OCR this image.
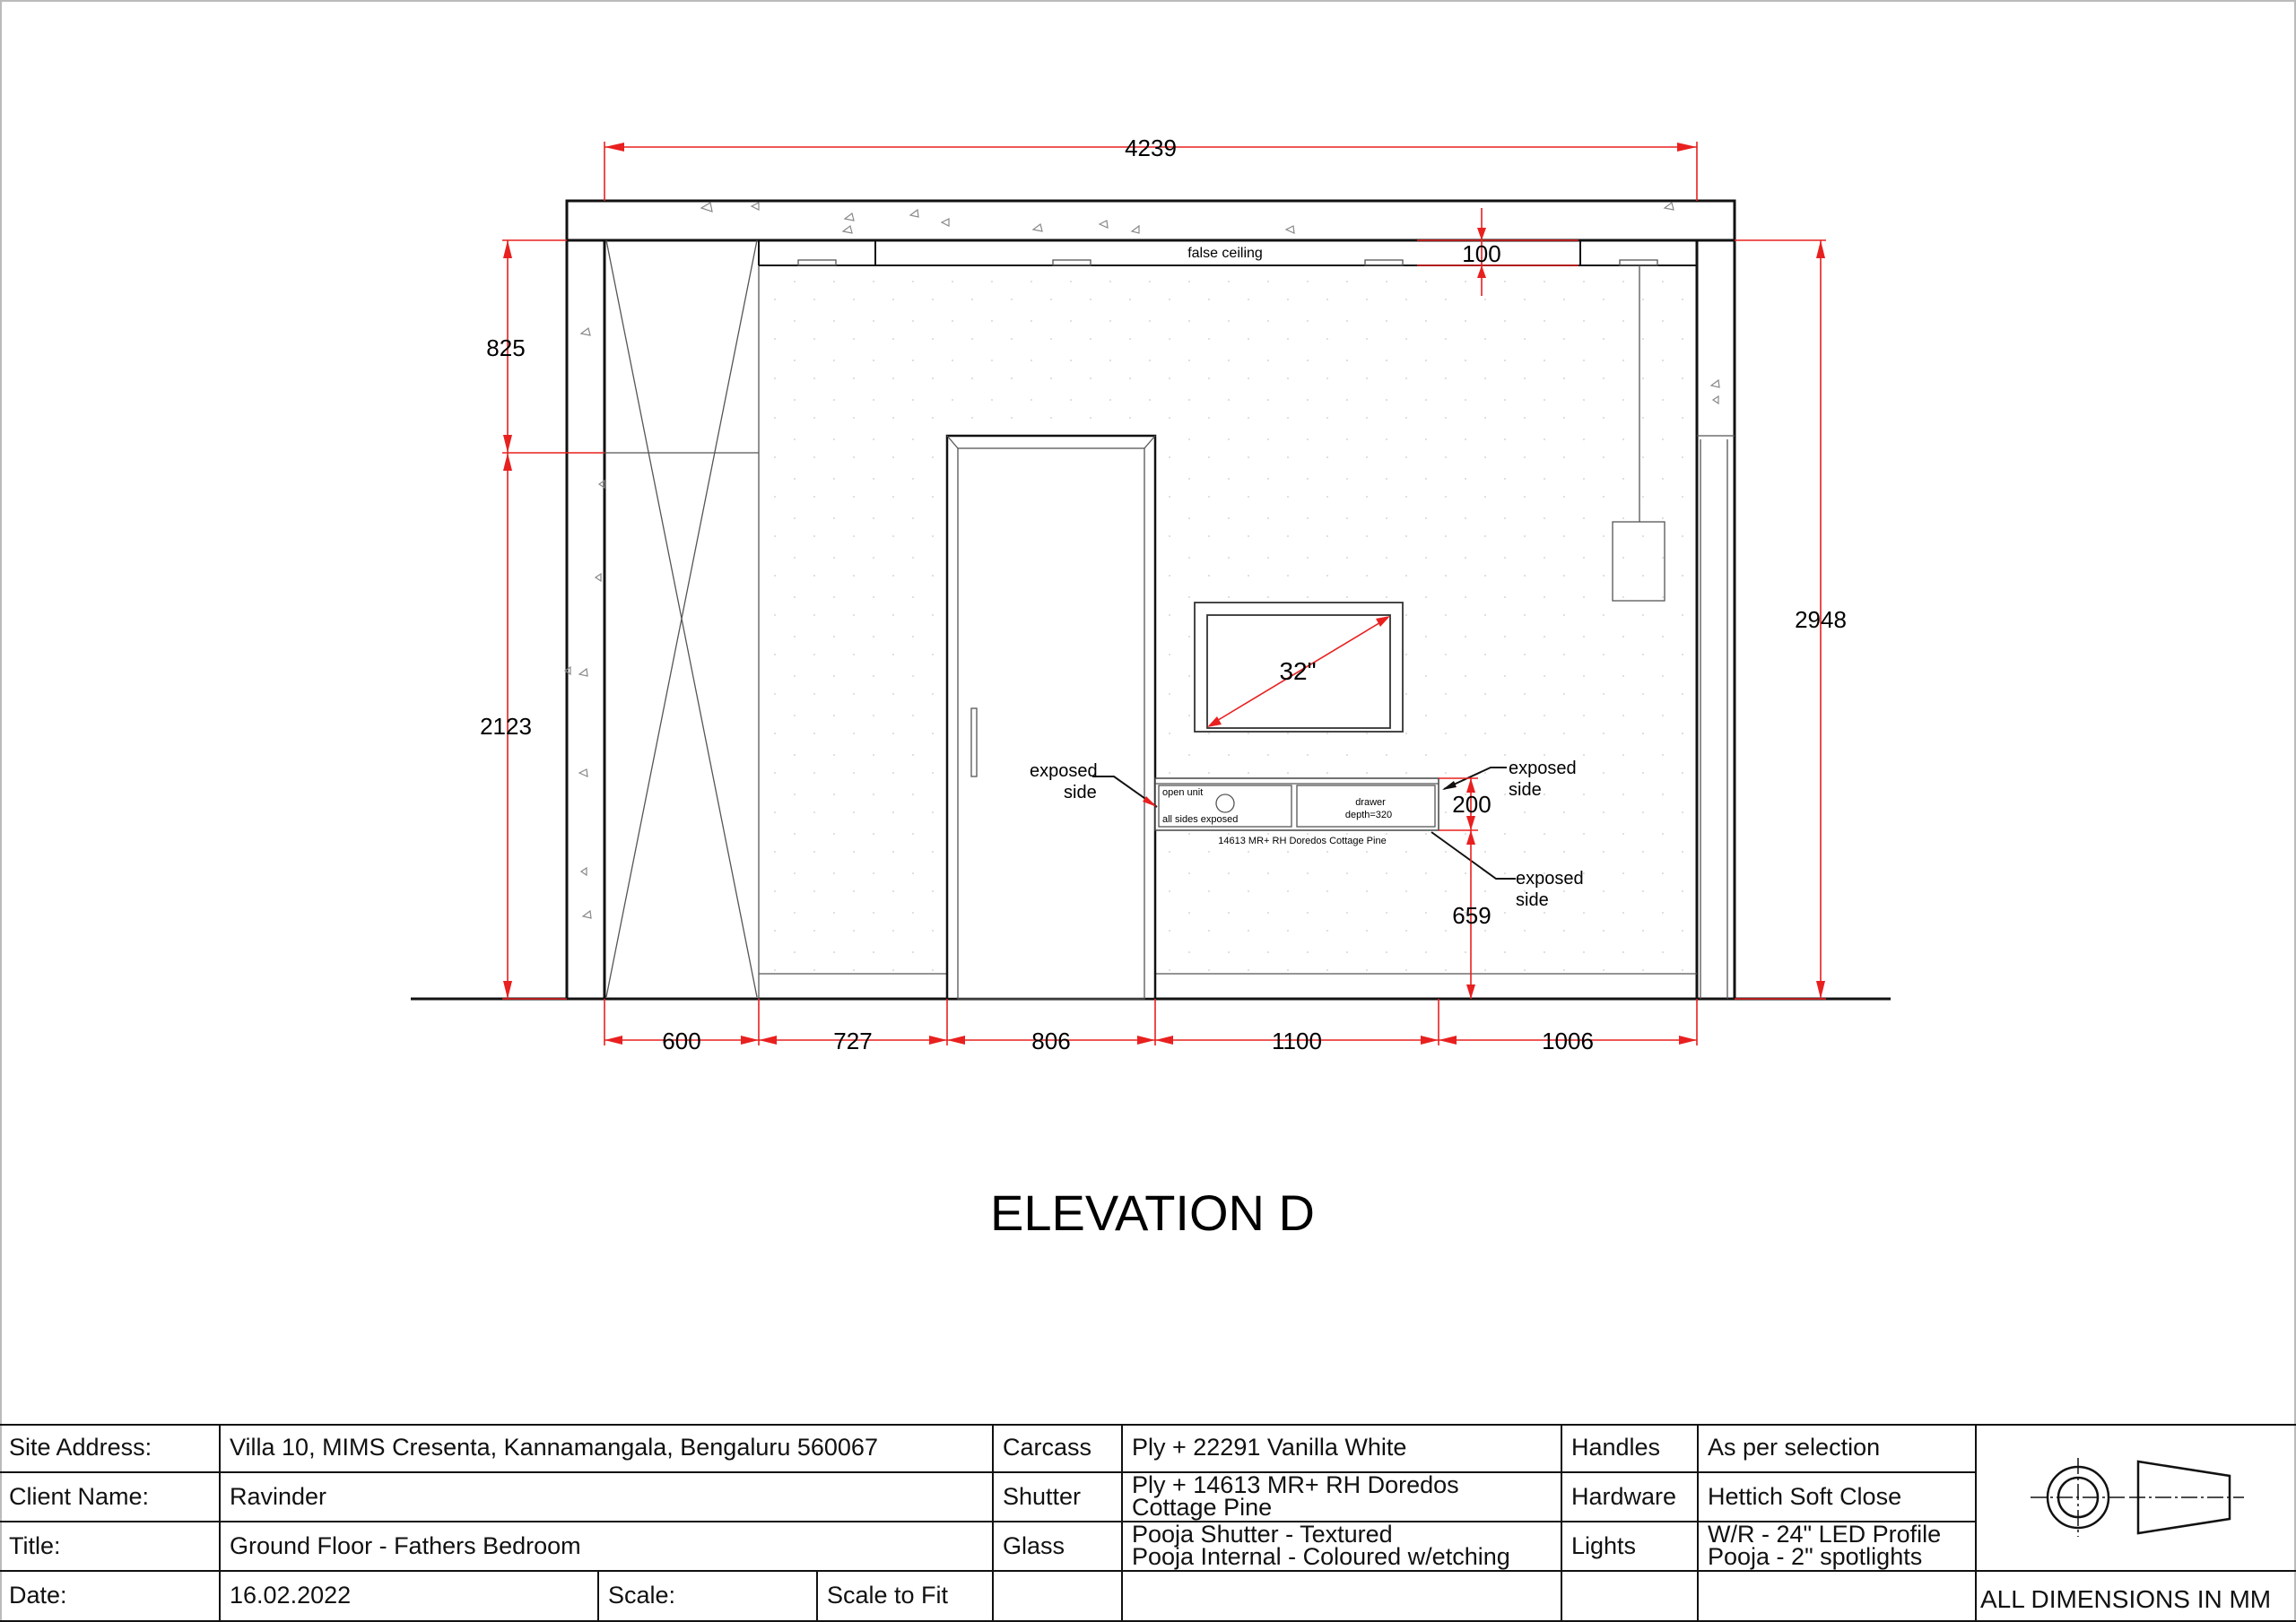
false ceiling
32"
open unit
all sides exposed
drawer
depth=320
14613 MR+ RH Doredos Cottage Pine
exposed
side
exposed
side
exposed
side
4239
600	727	806	1100	1006
825
2123
2948
100
200
659
ELEVATION D
Site Address:	Villa 10, MIMS Cresenta, Kannamangala, Bengaluru 560067	Carcass	Ply + 22291 Vanilla White	Handles	As per selection
Client Name:	Ravinder	Shutter	Ply + 14613 MR+ RH Doredos
Cottage Pine	Hardware	Hettich Soft Close
Title:	Ground Floor - Fathers Bedroom	Glass	Pooja Shutter - Textured
Pooja Internal - Coloured w/etching	Lights	W/R - 24" LED Profile
Pooja - 2" spotlights
Date:	16.02.2022	Scale:	Scale to Fit	ALL DIMENSIONS IN MM
